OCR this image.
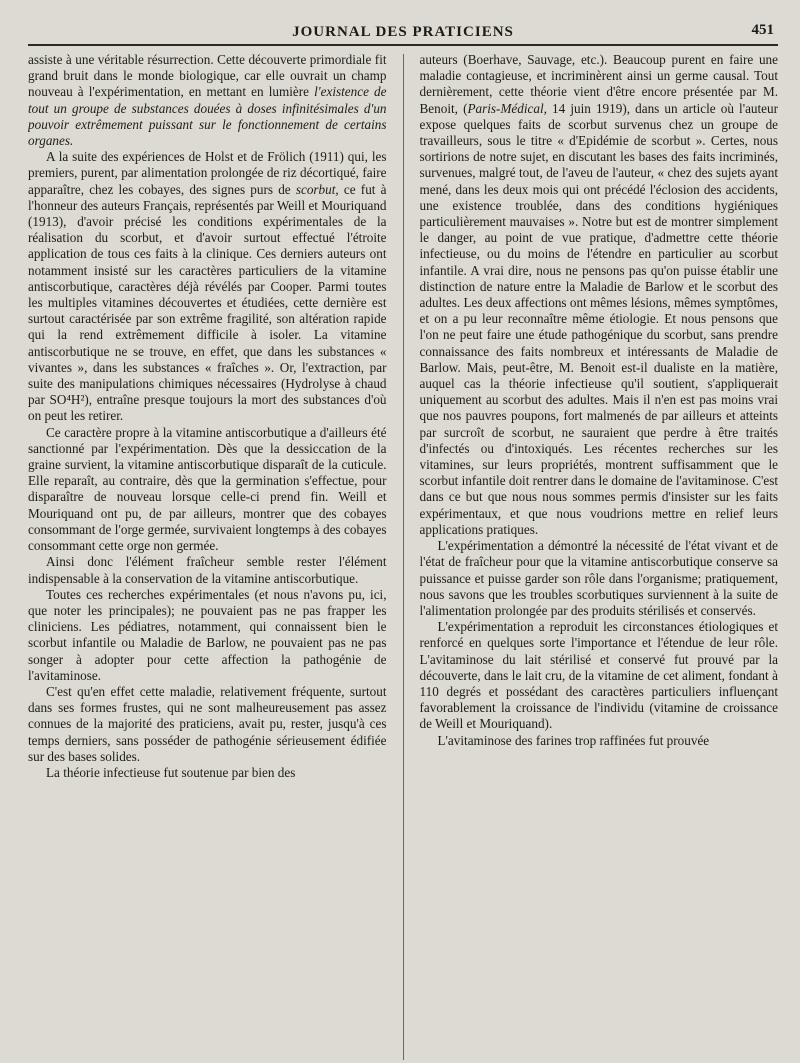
JOURNAL DES PRATICIENS	451

assiste à une véritable résurrection. Cette découverte primordiale fit grand bruit dans le monde biologique, car elle ouvrait un champ nouveau à l'expérimentation, en mettant en lumière l'existence de tout un groupe de substances douées à doses infinitésimales d'un pouvoir extrêmement puissant sur le fonctionnement de certains organes.

A la suite des expériences de Holst et de Frölich (1911) qui, les premiers, purent, par alimentation prolongée de riz décortiqué, faire apparaître, chez les cobayes, des signes purs de scorbut, ce fut à l'honneur des auteurs Français, représentés par Weill et Mouriquand (1913), d'avoir précisé les conditions expérimentales de la réalisation du scorbut, et d'avoir surtout effectué l'étroite application de tous ces faits à la clinique. Ces derniers auteurs ont notamment insisté sur les caractères particuliers de la vitamine antiscorbutique, caractères déjà révélés par Cooper. Parmi toutes les multiples vitamines découvertes et étudiées, cette dernière est surtout caractérisée par son extrême fragilité, son altération rapide qui la rend extrêmement difficile à isoler. La vitamine antiscorbutique ne se trouve, en effet, que dans les substances « vivantes », dans les substances « fraîches ». Or, l'extraction, par suite des manipulations chimiques nécessaires (Hydrolyse à chaud par SO⁴H²), entraîne presque toujours la mort des substances d'où on peut les retirer.

Ce caractère propre à la vitamine antiscorbutique a d'ailleurs été sanctionné par l'expérimentation. Dès que la dessiccation de la graine survient, la vitamine antiscorbutique disparaît de la cuticule. Elle reparaît, au contraire, dès que la germination s'effectue, pour disparaître de nouveau lorsque celle-ci prend fin. Weill et Mouriquand ont pu, de par ailleurs, montrer que des cobayes consommant de l'orge germée, survivaient longtemps à des cobayes consommant cette orge non germée.

Ainsi donc l'élément fraîcheur semble rester l'élément indispensable à la conservation de la vitamine antiscorbutique.

Toutes ces recherches expérimentales (et nous n'avons pu, ici, que noter les principales); ne pouvaient pas ne pas frapper les cliniciens. Les pédiatres, notamment, qui connaissent bien le scorbut infantile ou Maladie de Barlow, ne pouvaient pas ne pas songer à adopter pour cette affection la pathogénie de l'avitaminose.

C'est qu'en effet cette maladie, relativement fréquente, surtout dans ses formes frustes, qui ne sont malheureusement pas assez connues de la majorité des praticiens, avait pu, rester, jusqu'à ces temps derniers, sans posséder de pathogénie sérieusement édifiée sur des bases solides.

La théorie infectieuse fut soutenue par bien des

auteurs (Boerhave, Sauvage, etc.). Beaucoup purent en faire une maladie contagieuse, et incriminèrent ainsi un germe causal. Tout dernièrement, cette théorie vient d'être encore présentée par M. Benoit, (Paris-Médical, 14 juin 1919), dans un article où l'auteur expose quelques faits de scorbut survenus chez un groupe de travailleurs, sous le titre « d'Epidémie de scorbut ». Certes, nous sortirions de notre sujet, en discutant les bases des faits incriminés, survenues, malgré tout, de l'aveu de l'auteur, « chez des sujets ayant mené, dans les deux mois qui ont précédé l'éclosion des accidents, une existence troublée, dans des conditions hygiéniques particulièrement mauvaises ». Notre but est de montrer simplement le danger, au point de vue pratique, d'admettre cette théorie infectieuse, ou du moins de l'étendre en particulier au scorbut infantile. A vrai dire, nous ne pensons pas qu'on puisse établir une distinction de nature entre la Maladie de Barlow et le scorbut des adultes. Les deux affections ont mêmes lésions, mêmes symptômes, et on a pu leur reconnaître même étiologie. Et nous pensons que l'on ne peut faire une étude pathogénique du scorbut, sans prendre connaissance des faits nombreux et intéressants de Maladie de Barlow. Mais, peut-être, M. Benoit est-il dualiste en la matière, auquel cas la théorie infectieuse qu'il soutient, s'appliquerait uniquement au scorbut des adultes. Mais il n'en est pas moins vrai que nos pauvres poupons, fort malmenés de par ailleurs et atteints par surcroît de scorbut, ne sauraient que perdre à être traités d'infectés ou d'intoxiqués. Les récentes recherches sur les vitamines, sur leurs propriétés, montrent suffisamment que le scorbut infantile doit rentrer dans le domaine de l'avitaminose. C'est dans ce but que nous nous sommes permis d'insister sur les faits expérimentaux, et que nous voudrions mettre en relief leurs applications pratiques.

L'expérimentation a démontré la nécessité de l'état vivant et de l'état de fraîcheur pour que la vitamine antiscorbutique conserve sa puissance et puisse garder son rôle dans l'organisme; pratiquement, nous savons que les troubles scorbutiques surviennent à la suite de l'alimentation prolongée par des produits stérilisés et conservés.

L'expérimentation a reproduit les circonstances étiologiques et renforcé en quelques sorte l'importance et l'étendue de leur rôle. L'avitaminose du lait stérilisé et conservé fut prouvé par la découverte, dans le lait cru, de la vitamine de cet aliment, fondant à 110 degrés et possédant des caractères particuliers influençant favorablement la croissance de l'individu (vitamine de croissance de Weill et Mouriquand).

L'avitaminose des farines trop raffinées fut prouvée
